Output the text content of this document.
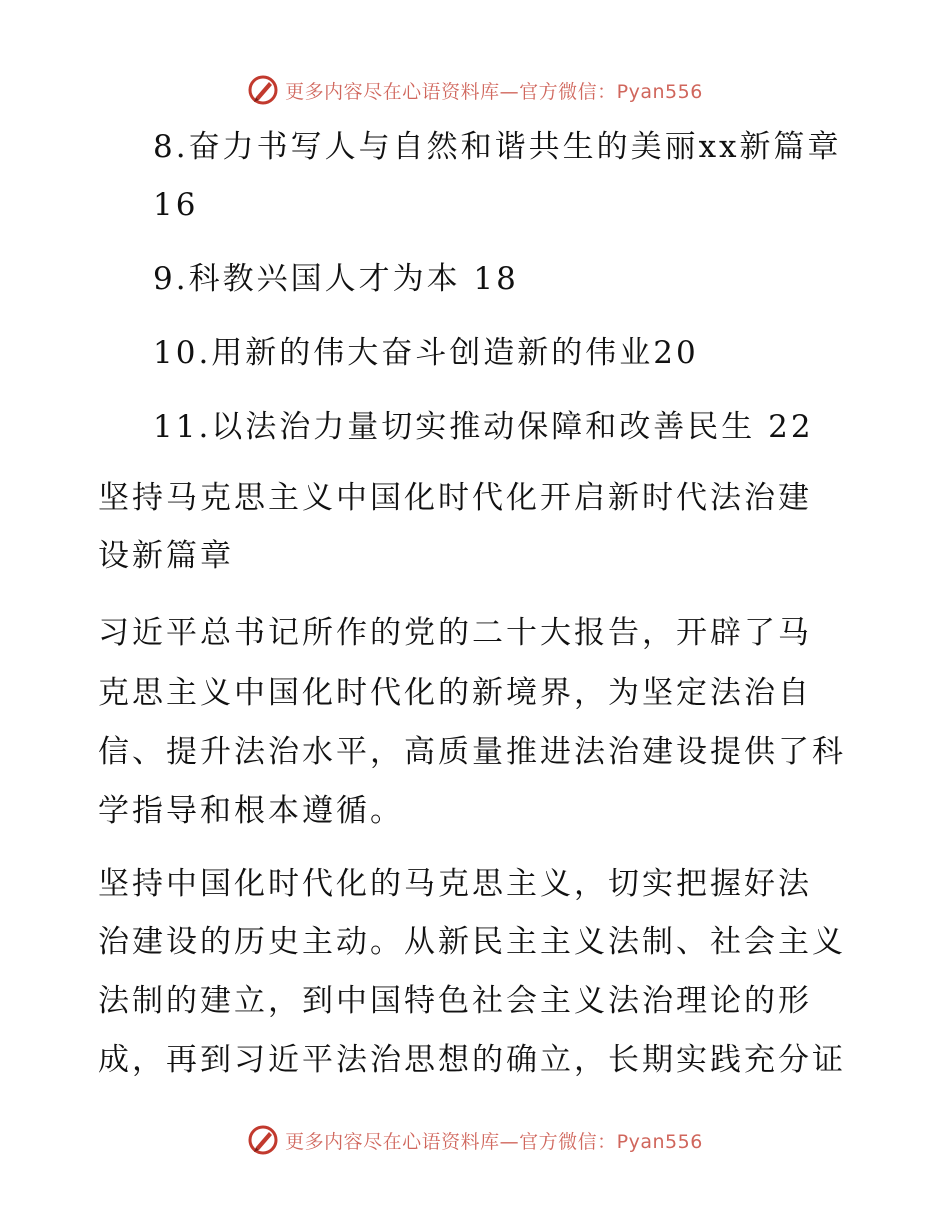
更多内容尽在心语资料库—官方微信：Pyan556
8.奋力书写人与自然和谐共生的美丽xx新篇章
16
9.科教兴国人才为本 18
10.用新的伟大奋斗创造新的伟业20
11.以法治力量切实推动保障和改善民生 22
坚持马克思主义中国化时代化开启新时代法治建
设新篇章
习近平总书记所作的党的二十大报告，开辟了马
克思主义中国化时代化的新境界，为坚定法治自
信、提升法治水平，高质量推进法治建设提供了科
学指导和根本遵循。
坚持中国化时代化的马克思主义，切实把握好法
治建设的历史主动。从新民主主义法制、社会主义
法制的建立，到中国特色社会主义法治理论的形
成，再到习近平法治思想的确立，长期实践充分证
更多内容尽在心语资料库—官方微信：Pyan556
